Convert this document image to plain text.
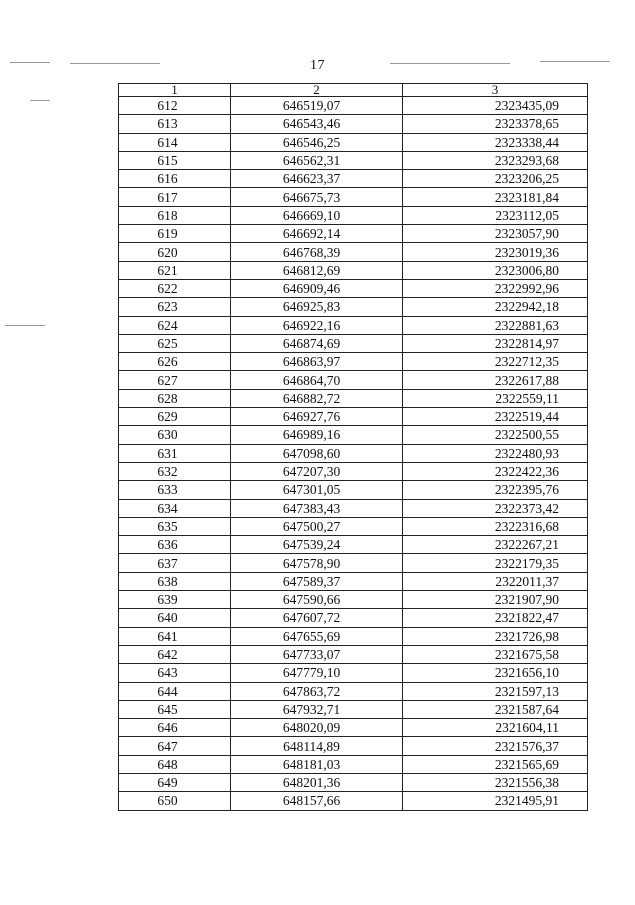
17
1	2	3
612	646519,07	2323435,09
613	646543,46	2323378,65
614	646546,25	2323338,44
615	646562,31	2323293,68
616	646623,37	2323206,25
617	646675,73	2323181,84
618	646669,10	2323112,05
619	646692,14	2323057,90
620	646768,39	2323019,36
621	646812,69	2323006,80
622	646909,46	2322992,96
623	646925,83	2322942,18
624	646922,16	2322881,63
625	646874,69	2322814,97
626	646863,97	2322712,35
627	646864,70	2322617,88
628	646882,72	2322559,11
629	646927,76	2322519,44
630	646989,16	2322500,55
631	647098,60	2322480,93
632	647207,30	2322422,36
633	647301,05	2322395,76
634	647383,43	2322373,42
635	647500,27	2322316,68
636	647539,24	2322267,21
637	647578,90	2322179,35
638	647589,37	2322011,37
639	647590,66	2321907,90
640	647607,72	2321822,47
641	647655,69	2321726,98
642	647733,07	2321675,58
643	647779,10	2321656,10
644	647863,72	2321597,13
645	647932,71	2321587,64
646	648020,09	2321604,11
647	648114,89	2321576,37
648	648181,03	2321565,69
649	648201,36	2321556,38
650	648157,66	2321495,91
